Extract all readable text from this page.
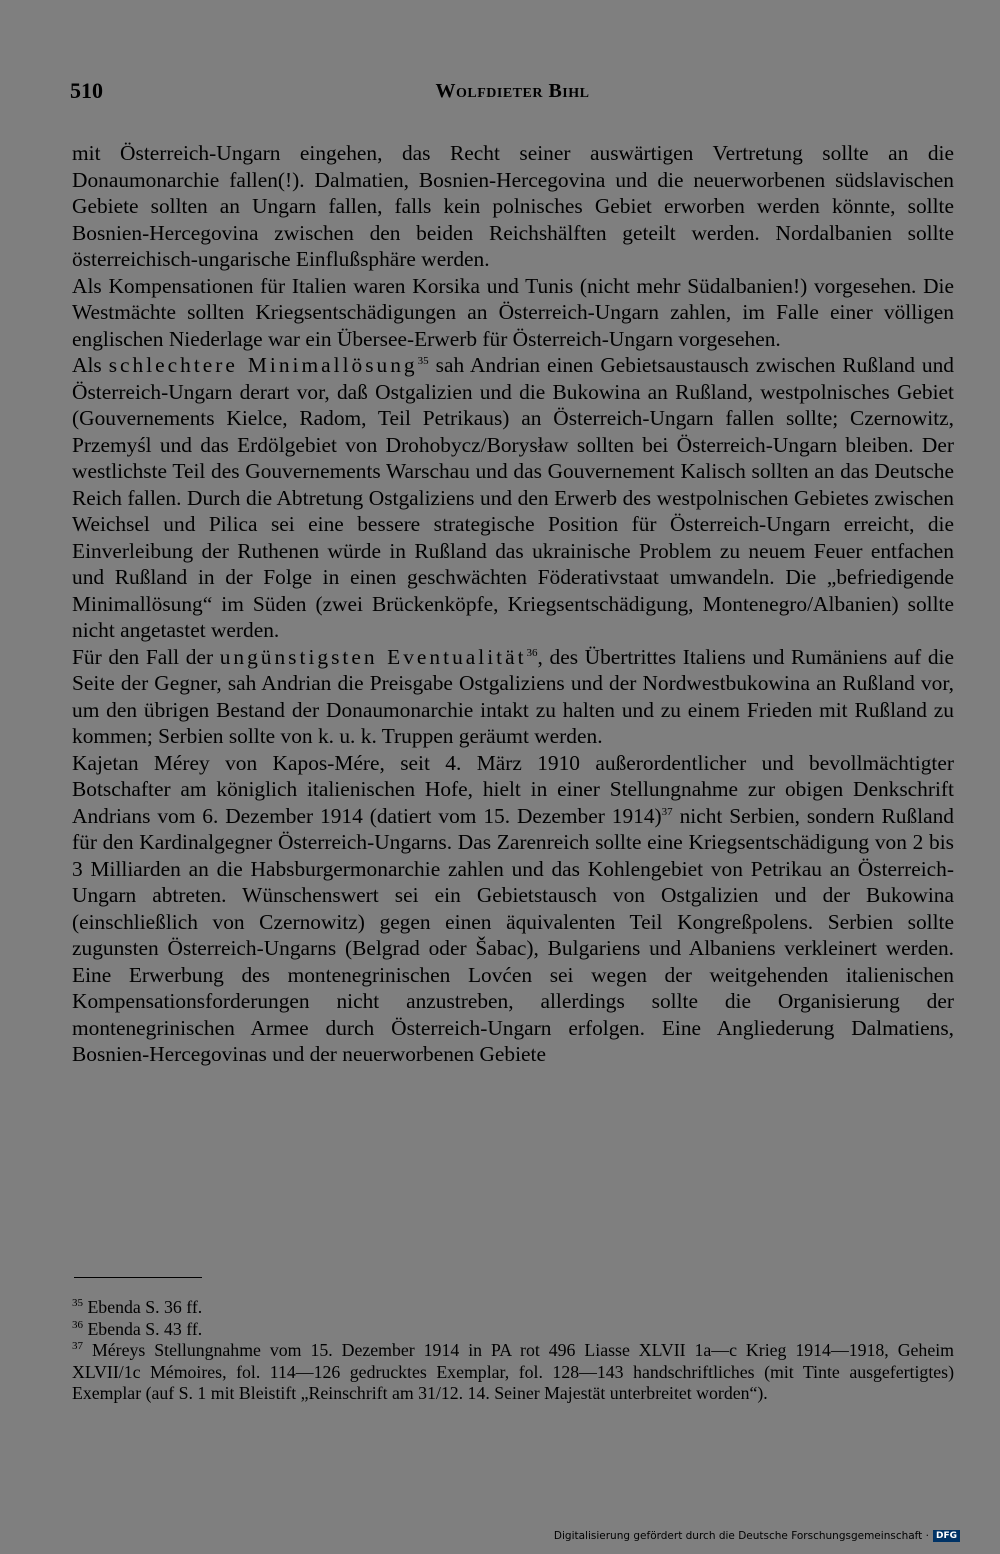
510	Wolfdieter Bihl

mit Österreich-Ungarn eingehen, das Recht seiner auswärtigen Vertretung sollte an die Donaumonarchie fallen(!). Dalmatien, Bosnien-Hercegovina und die neuerworbenen südslavischen Gebiete sollten an Ungarn fallen, falls kein polnisches Gebiet erworben werden könnte, sollte Bosnien-Hercegovina zwischen den beiden Reichshälften geteilt werden. Nordalbanien sollte österreichisch-ungarische Einflußsphäre werden.

Als Kompensationen für Italien waren Korsika und Tunis (nicht mehr Südalbanien!) vorgesehen. Die Westmächte sollten Kriegsentschädigungen an Österreich-Ungarn zahlen, im Falle einer völligen englischen Niederlage war ein Übersee-Erwerb für Österreich-Ungarn vorgesehen.

Als schlechtere Minimallösung$^{35}$ sah Andrian einen Gebietsaustausch zwischen Rußland und Österreich-Ungarn derart vor, daß Ostgalizien und die Bukowina an Rußland, westpolnisches Gebiet (Gouvernements Kielce, Radom, Teil Petrikaus) an Österreich-Ungarn fallen sollte; Czernowitz, Przemyśl und das Erdölgebiet von Drohobycz/Borysław sollten bei Österreich-Ungarn bleiben. Der westlichste Teil des Gouvernements Warschau und das Gouvernement Kalisch sollten an das Deutsche Reich fallen. Durch die Abtretung Ostgaliziens und den Erwerb des westpolnischen Gebietes zwischen Weichsel und Pilica sei eine bessere strategische Position für Österreich-Ungarn erreicht, die Einverleibung der Ruthenen würde in Rußland das ukrainische Problem zu neuem Feuer entfachen und Rußland in der Folge in einen geschwächten Föderativstaat umwandeln. Die „befriedigende Minimallösung“ im Süden (zwei Brückenköpfe, Kriegsentschädigung, Montenegro/Albanien) sollte nicht angetastet werden.

Für den Fall der ungünstigsten Eventualität$^{36}$, des Übertrittes Italiens und Rumäniens auf die Seite der Gegner, sah Andrian die Preisgabe Ostgaliziens und der Nordwestbukowina an Rußland vor, um den übrigen Bestand der Donaumonarchie intakt zu halten und zu einem Frieden mit Rußland zu kommen; Serbien sollte von k. u. k. Truppen geräumt werden.

Kajetan Mérey von Kapos-Mére, seit 4. März 1910 außerordentlicher und bevollmächtigter Botschafter am königlich italienischen Hofe, hielt in einer Stellungnahme zur obigen Denkschrift Andrians vom 6. Dezember 1914 (datiert vom 15. Dezember 1914)$^{37}$ nicht Serbien, sondern Rußland für den Kardinalgegner Österreich-Ungarns. Das Zarenreich sollte eine Kriegsentschädigung von 2 bis 3 Milliarden an die Habsburgermonarchie zahlen und das Kohlengebiet von Petrikau an Österreich-Ungarn abtreten. Wünschenswert sei ein Gebietstausch von Ostgalizien und der Bukowina (einschließlich von Czernowitz) gegen einen äquivalenten Teil Kongreßpolens. Serbien sollte zugunsten Österreich-Ungarns (Belgrad oder Šabac), Bulgariens und Albaniens verkleinert werden. Eine Erwerbung des montenegrinischen Lovćen sei wegen der weitgehenden italienischen Kompensationsforderungen nicht anzustreben, allerdings sollte die Organisierung der montenegrinischen Armee durch Österreich-Ungarn erfolgen. Eine Angliederung Dalmatiens, Bosnien-Hercegovinas und der neuerworbenen Gebiete

$^{35}$ Ebenda S. 36 ff.

$^{36}$ Ebenda S. 43 ff.

$^{37}$ Méreys Stellungnahme vom 15. Dezember 1914 in PA rot 496 Liasse XLVII 1a—c Krieg 1914—1918, Geheim XLVII/1c Mémoires, fol. 114—126 gedrucktes Exemplar, fol. 128—143 handschriftliches (mit Tinte ausgefertigtes) Exemplar (auf S. 1 mit Bleistift „Reinschrift am 31/12. 14. Seiner Majestät unterbreitet worden“).

Digitalisierung gefördert durch die Deutsche Forschungsgemeinschaft · DFG
